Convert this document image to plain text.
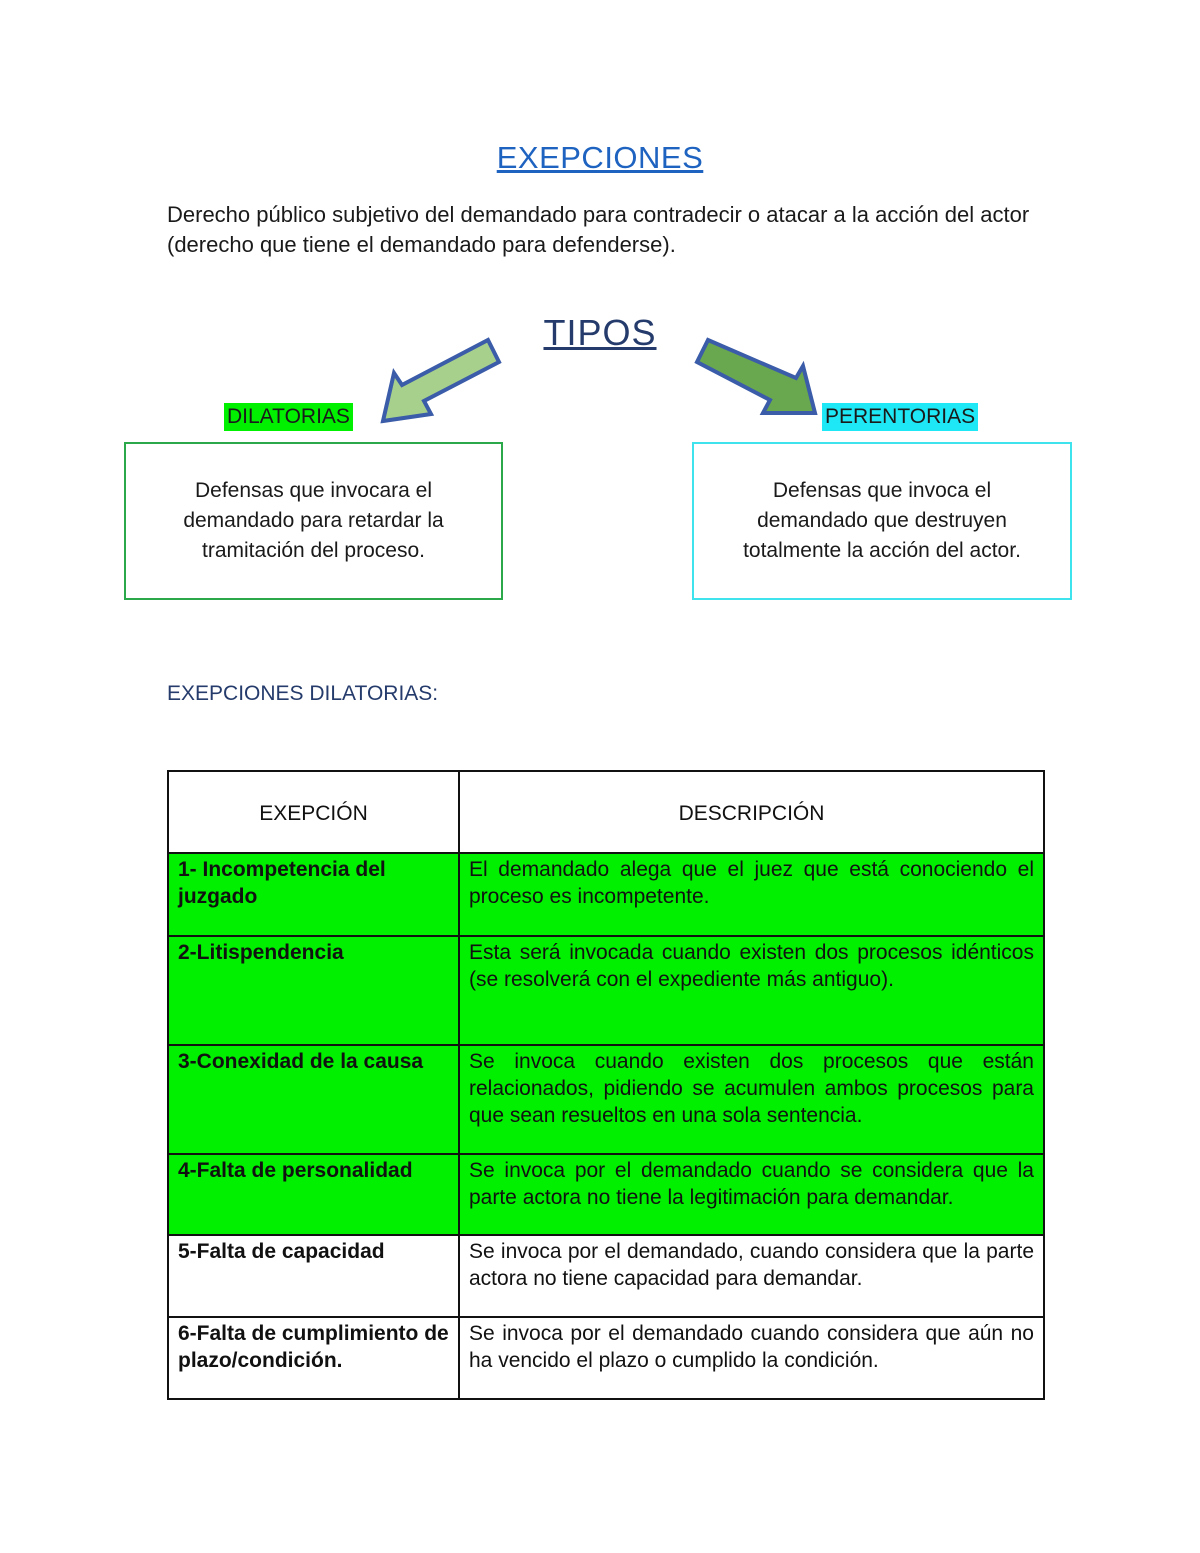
EXEPCIONES
Derecho público subjetivo del demandado para contradecir o atacar a la acción del actor (derecho que tiene el demandado para defenderse).
TIPOS
DILATORIAS	PERENTORIAS
Defensas que invocara el demandado para retardar la tramitación del proceso.
Defensas que invoca el demandado que destruyen totalmente la acción del actor.
EXEPCIONES DILATORIAS:
EXEPCIÓN	DESCRIPCIÓN
1- Incompetencia del juzgado	El demandado alega que el juez que está conociendo el proceso es incompetente.
2-Litispendencia	Esta será invocada cuando existen dos procesos idénticos (se resolverá con el expediente más antiguo).
3-Conexidad de la causa	Se invoca cuando existen dos procesos que están relacionados, pidiendo se acumulen ambos procesos para que sean resueltos en una sola sentencia.
4-Falta de personalidad	Se invoca por el demandado cuando se considera que la parte actora no tiene la legitimación para demandar.
5-Falta de capacidad	Se invoca por el demandado, cuando considera que la parte actora no tiene capacidad para demandar.
6-Falta de cumplimiento de plazo/condición.	Se invoca por el demandado cuando considera que aún no ha vencido el plazo o cumplido la condición.
